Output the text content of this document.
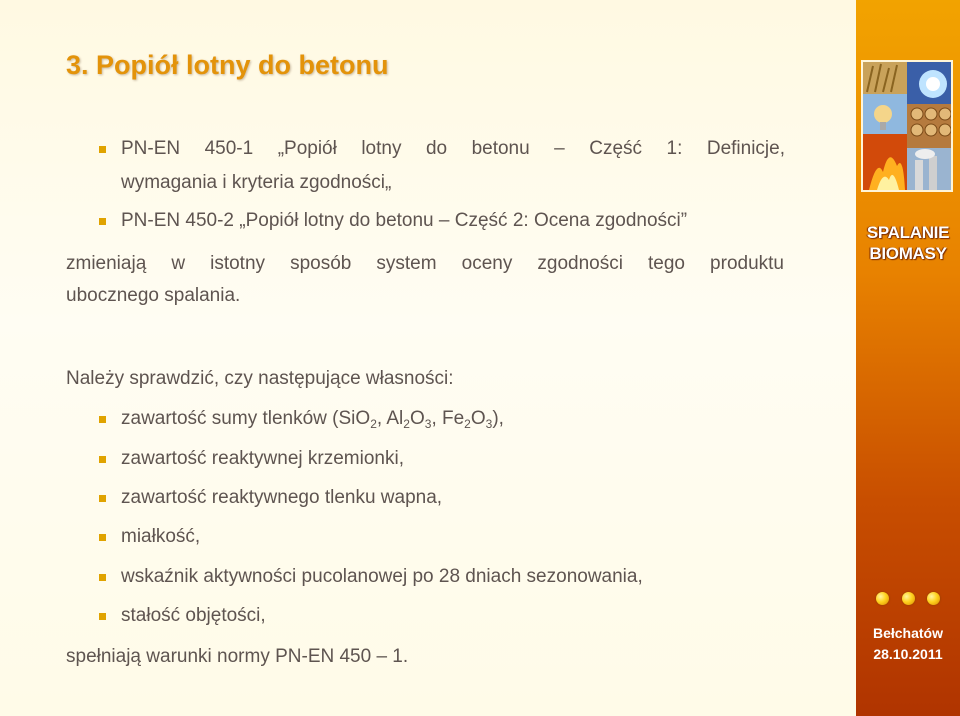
SPALANIE
BIOMASY
Bełchatów
28.10.2011
3. Popiół lotny do betonu
PN-EN 450-1 „Popiół lotny do betonu – Część 1: Definicje,
wymagania i kryteria zgodności„
PN-EN 450-2 „Popiół lotny do betonu – Część 2: Ocena zgodności”
zmieniają w istotny sposób system oceny zgodności tego produktu
ubocznego spalania.
Należy sprawdzić, czy następujące własności:
zawartość sumy tlenków (SiO$_2$, $Al_2O_3$, $Fe_2O_3$),
zawartość reaktywnej krzemionki,
zawartość reaktywnego tlenku wapna,
miałkość,
wskaźnik aktywności pucolanowej po 28 dniach sezonowania,
stałość objętości,
spełniają warunki normy PN-EN 450 – 1.
